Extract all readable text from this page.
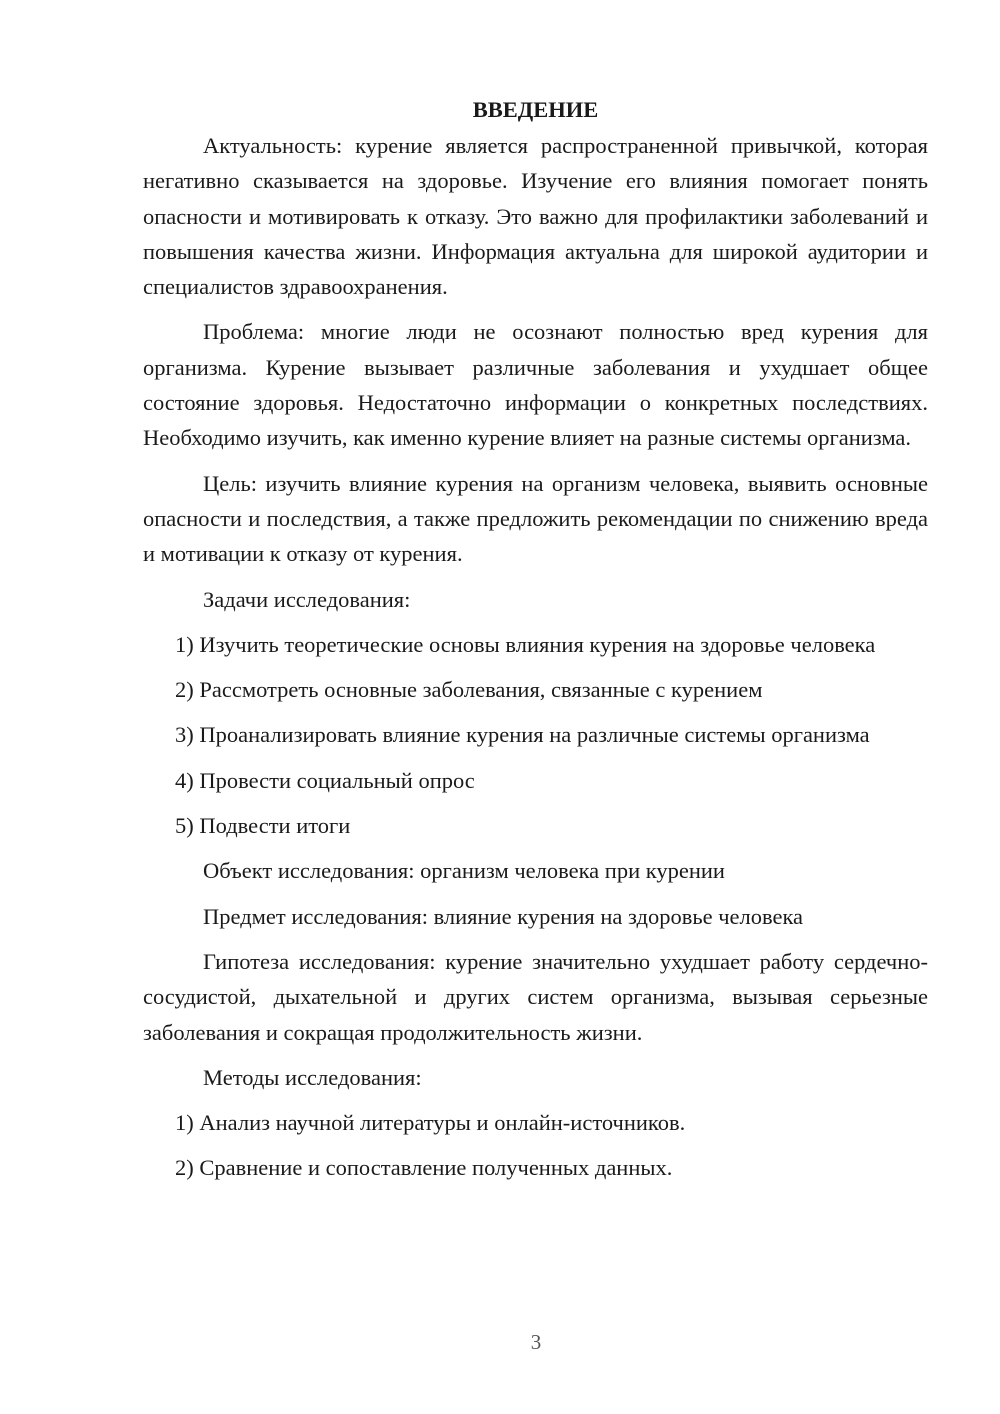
ВВЕДЕНИЕ

Актуальность: курение является распространенной привычкой, которая негативно сказывается на здоровье. Изучение его влияния помогает понять опасности и мотивировать к отказу. Это важно для профилактики заболеваний и повышения качества жизни. Информация актуальна для широкой аудитории и специалистов здравоохранения.

Проблема: многие люди не осознают полностью вред курения для организма. Курение вызывает различные заболевания и ухудшает общее состояние здоровья. Недостаточно информации о конкретных последствиях. Необходимо изучить, как именно курение влияет на разные системы организма.

Цель: изучить влияние курения на организм человека, выявить основные опасности и последствия, а также предложить рекомендации по снижению вреда и мотивации к отказу от курения.

Задачи исследования:

1) Изучить теоретические основы влияния курения на здоровье человека

2) Рассмотреть основные заболевания, связанные с курением

3) Проанализировать влияние курения на различные системы организма

4) Провести социальный опрос

5) Подвести итоги

Объект исследования: организм человека при курении

Предмет исследования: влияние курения на здоровье человека

Гипотеза исследования: курение значительно ухудшает работу сердечно-сосудистой, дыхательной и других систем организма, вызывая серьезные заболевания и сокращая продолжительность жизни.

Методы исследования:

1) Анализ научной литературы и онлайн-источников.

2) Сравнение и сопоставление полученных данных.

3
